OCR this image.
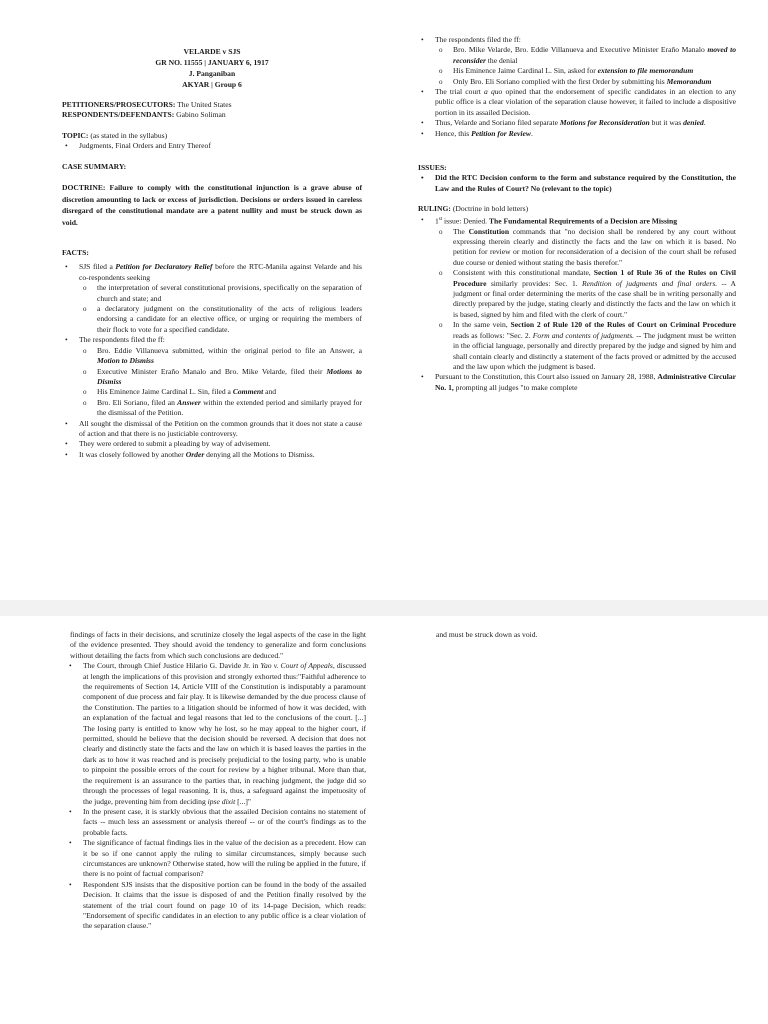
VELARDE v SJS

GR NO. 11555 | JANUARY 6, 1917

J. Panganiban

AKYAR | Group 6

PETITIONERS/PROSECUTORS: The United States

RESPONDENTS/DEFENDANTS: Gabino Soliman

TOPIC: (as stated in the syllabus)

• Judgments, Final Orders and Entry Thereof

CASE SUMMARY:

DOCTRINE: Failure to comply with the constitutional injunction is a grave abuse of discretion amounting to lack or excess of jurisdiction. Decisions or orders issued in careless disregard of the constitutional mandate are a patent nullity and must be struck down as void.

FACTS:

• SJS filed a Petition for Declaratory Relief before the RTC-Manila against Velarde and his co-respondents seeking
o the interpretation of several constitutional provisions, specifically on the separation of church and state; and
o a declaratory judgment on the constitutionality of the acts of religious leaders endorsing a candidate for an elective office, or urging or requiring the members of their flock to vote for a specified candidate.
• The respondents filed the ff:
o Bro. Eddie Villanueva submitted, within the original period to file an Answer, a Motion to Dismiss
o Executive Minister Eraño Manalo and Bro. Mike Velarde, filed their Motions to Dismiss
o His Eminence Jaime Cardinal L. Sin, filed a Comment and
o Bro. Eli Soriano, filed an Answer within the extended period and similarly prayed for the dismissal of the Petition.
• All sought the dismissal of the Petition on the common grounds that it does not state a cause of action and that there is no justiciable controversy.
• They were ordered to submit a pleading by way of advisement.
• It was closely followed by another Order denying all the Motions to Dismiss.
• The respondents filed the ff:
o Bro. Mike Velarde, Bro. Eddie Villanueva and Executive Minister Eraño Manalo moved to reconsider the denial
o His Eminence Jaime Cardinal L. Sin, asked for extension to file memorandum
o Only Bro. Eli Soriano complied with the first Order by submitting his Memorandum
• The trial court a quo opined that the endorsement of specific candidates in an election to any public office is a clear violation of the separation clause however, it failed to include a dispositive portion in its assailed Decision.
• Thus, Velarde and Soriano filed separate Motions for Reconsideration but it was denied.
• Hence, this Petition for Review.

ISSUES:

• Did the RTC Decision conform to the form and substance required by the Constitution, the Law and the Rules of Court? No (relevant to the topic)

RULING: (Doctrine in bold letters)

• 1st issue: Denied. The Fundamental Requirements of a Decision are Missing
o The Constitution commands that "no decision shall be rendered by any court without expressing therein clearly and distinctly the facts and the law on which it is based. No petition for review or motion for reconsideration of a decision of the court shall be refused due course or denied without stating the basis therefor."
o Consistent with this constitutional mandate, Section 1 of Rule 36 of the Rules on Civil Procedure similarly provides: Sec. 1. Rendition of judgments and final orders. -- A judgment or final order determining the merits of the case shall be in writing personally and directly prepared by the judge, stating clearly and distinctly the facts and the law on which it is based, signed by him and filed with the clerk of court."
o In the same vein, Section 2 of Rule 120 of the Rules of Court on Criminal Procedure reads as follows: "Sec. 2. Form and contents of judgments. -- The judgment must be written in the official language, personally and directly prepared by the judge and signed by him and shall contain clearly and distinctly a statement of the facts proved or admitted by the accused and the law upon which the judgment is based.
• Pursuant to the Constitution, this Court also issued on January 28, 1988, Administrative Circular No. 1, prompting all judges "to make complete

findings of facts in their decisions, and scrutinize closely the legal aspects of the case in the light of the evidence presented. They should avoid the tendency to generalize and form conclusions without detailing the facts from which such conclusions are deduced."

• The Court, through Chief Justice Hilario G. Davide Jr. in Yao v. Court of Appeals, discussed at length the implications of this provision and strongly exhorted thus:"Faithful adherence to the requirements of Section 14, Article VIII of the Constitution is indisputably a paramount component of due process and fair play. It is likewise demanded by the due process clause of the Constitution. The parties to a litigation should be informed of how it was decided, with an explanation of the factual and legal reasons that led to the conclusions of the court. [...] The losing party is entitled to know why he lost, so he may appeal to the higher court, if permitted, should he believe that the decision should be reversed. A decision that does not clearly and distinctly state the facts and the law on which it is based leaves the parties in the dark as to how it was reached and is precisely prejudicial to the losing party, who is unable to pinpoint the possible errors of the court for review by a higher tribunal. More than that, the requirement is an assurance to the parties that, in reaching judgment, the judge did so through the processes of legal reasoning. It is, thus, a safeguard against the impetuosity of the judge, preventing him from deciding ipse dixit [...]"
• In the present case, it is starkly obvious that the assailed Decision contains no statement of facts -- much less an assessment or analysis thereof -- or of the court's findings as to the probable facts.
• The significance of factual findings lies in the value of the decision as a precedent. How can it be so if one cannot apply the ruling to similar circumstances, simply because such circumstances are unknown? Otherwise stated, how will the ruling be applied in the future, if there is no point of factual comparison?
• Respondent SJS insists that the dispositive portion can be found in the body of the assailed Decision. It claims that the issue is disposed of and the Petition finally resolved by the statement of the trial court found on page 10 of its 14-page Decision, which reads: "Endorsement of specific candidates in an election to any public office is a clear violation of the separation clause."

and must be struck down as void.
